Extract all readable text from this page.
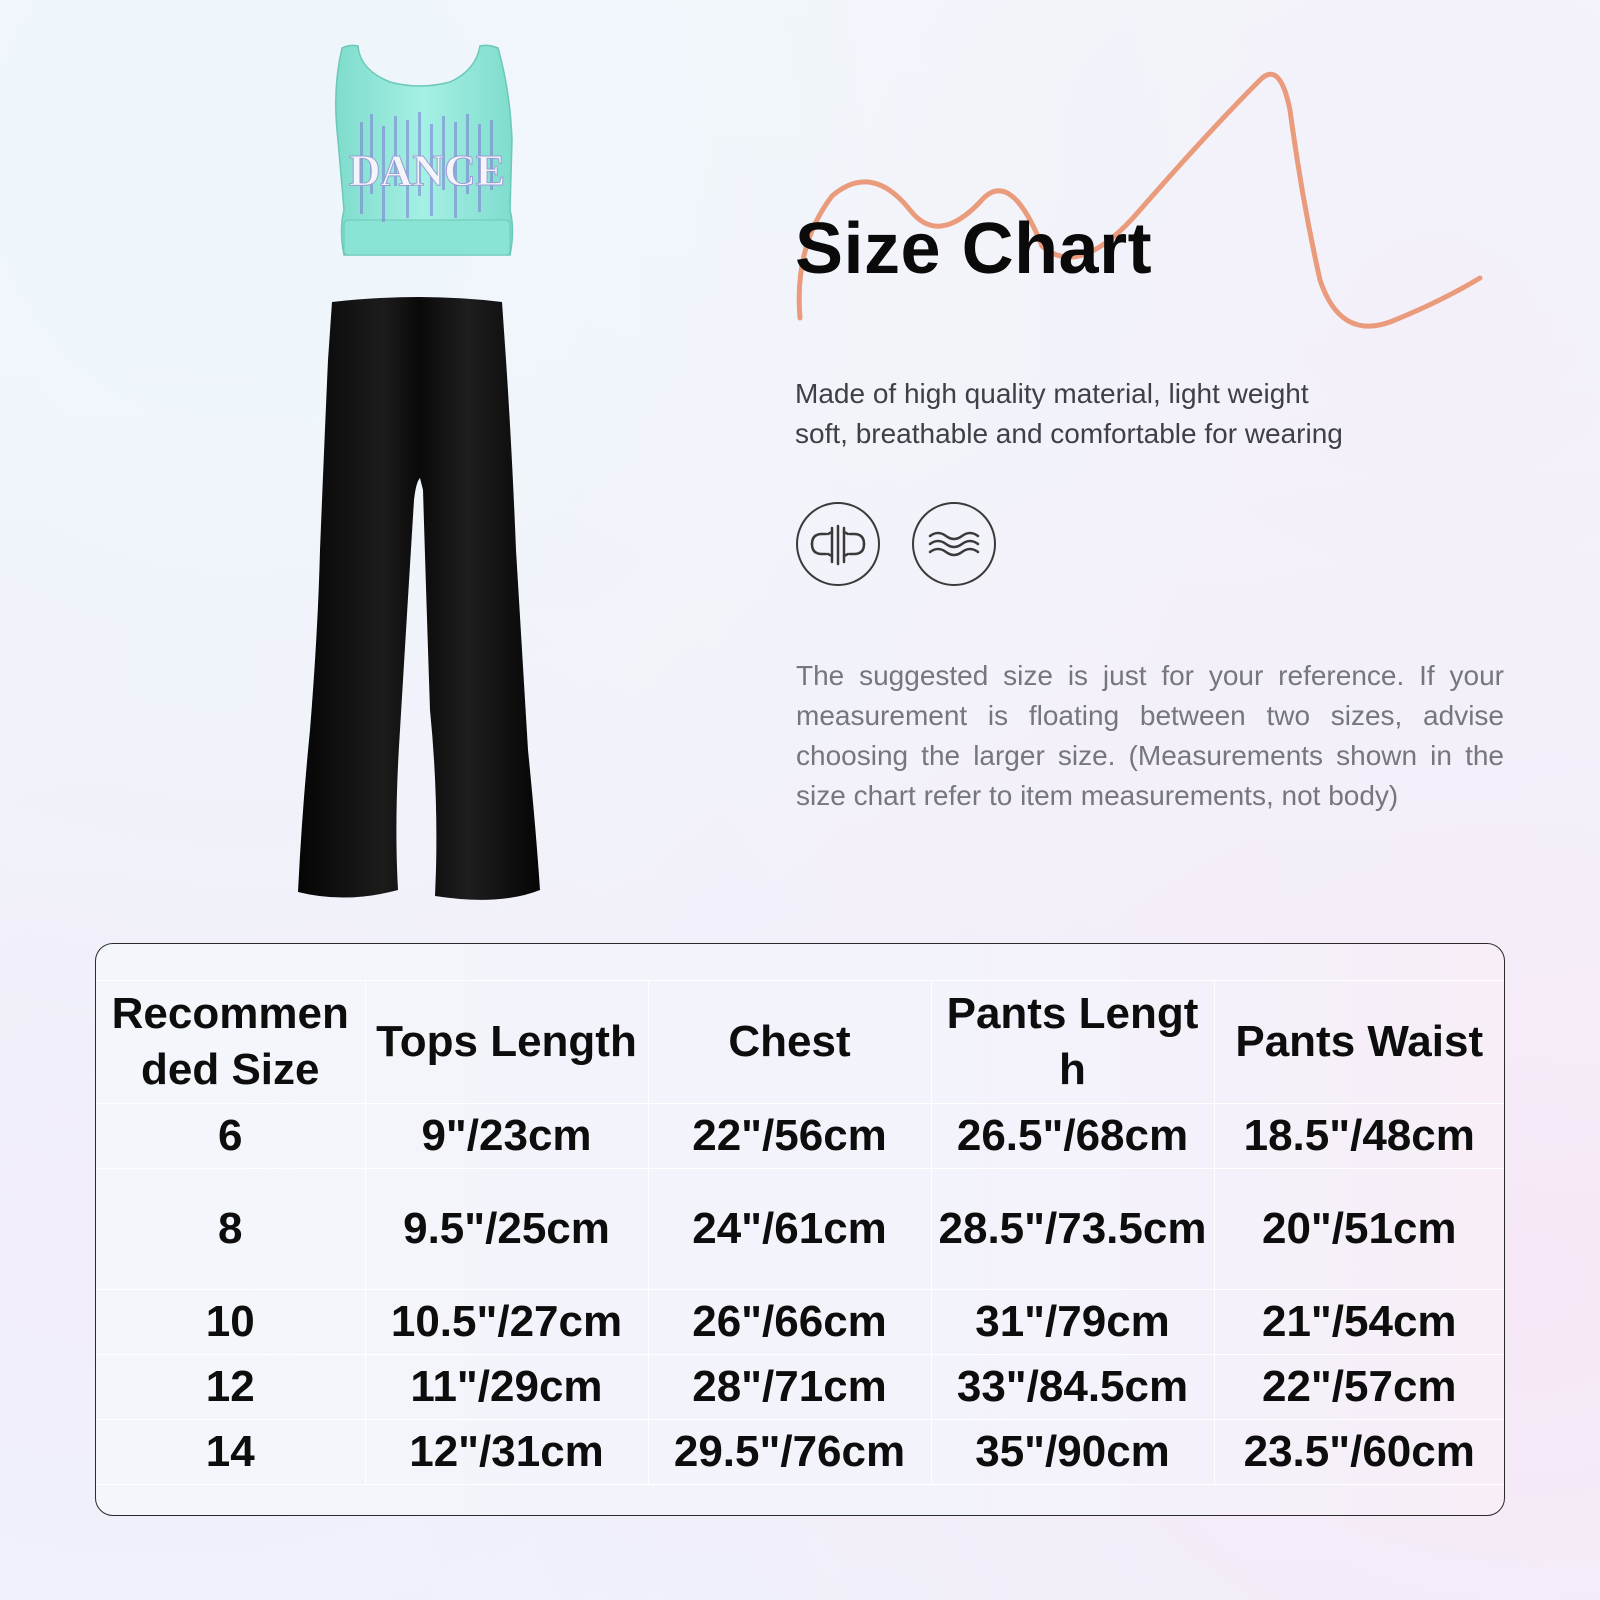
DANCE
Size Chart
Made of high quality material, light weight
soft, breathable and comfortable for wearing
The suggested size is just for your reference. If your measurement is floating between two sizes, advise choosing the larger size. (Measurements shown in the size chart refer to item measurements, not body)
Recommended Size	Tops Length	Chest	Pants Length	Pants Waist
6	9"/23cm	22"/56cm	26.5"/68cm	18.5"/48cm
8	9.5"/25cm	24"/61cm	28.5"/73.5cm	20"/51cm
10	10.5"/27cm	26"/66cm	31"/79cm	21"/54cm
12	11"/29cm	28"/71cm	33"/84.5cm	22"/57cm
14	12"/31cm	29.5"/76cm	35"/90cm	23.5"/60cm
